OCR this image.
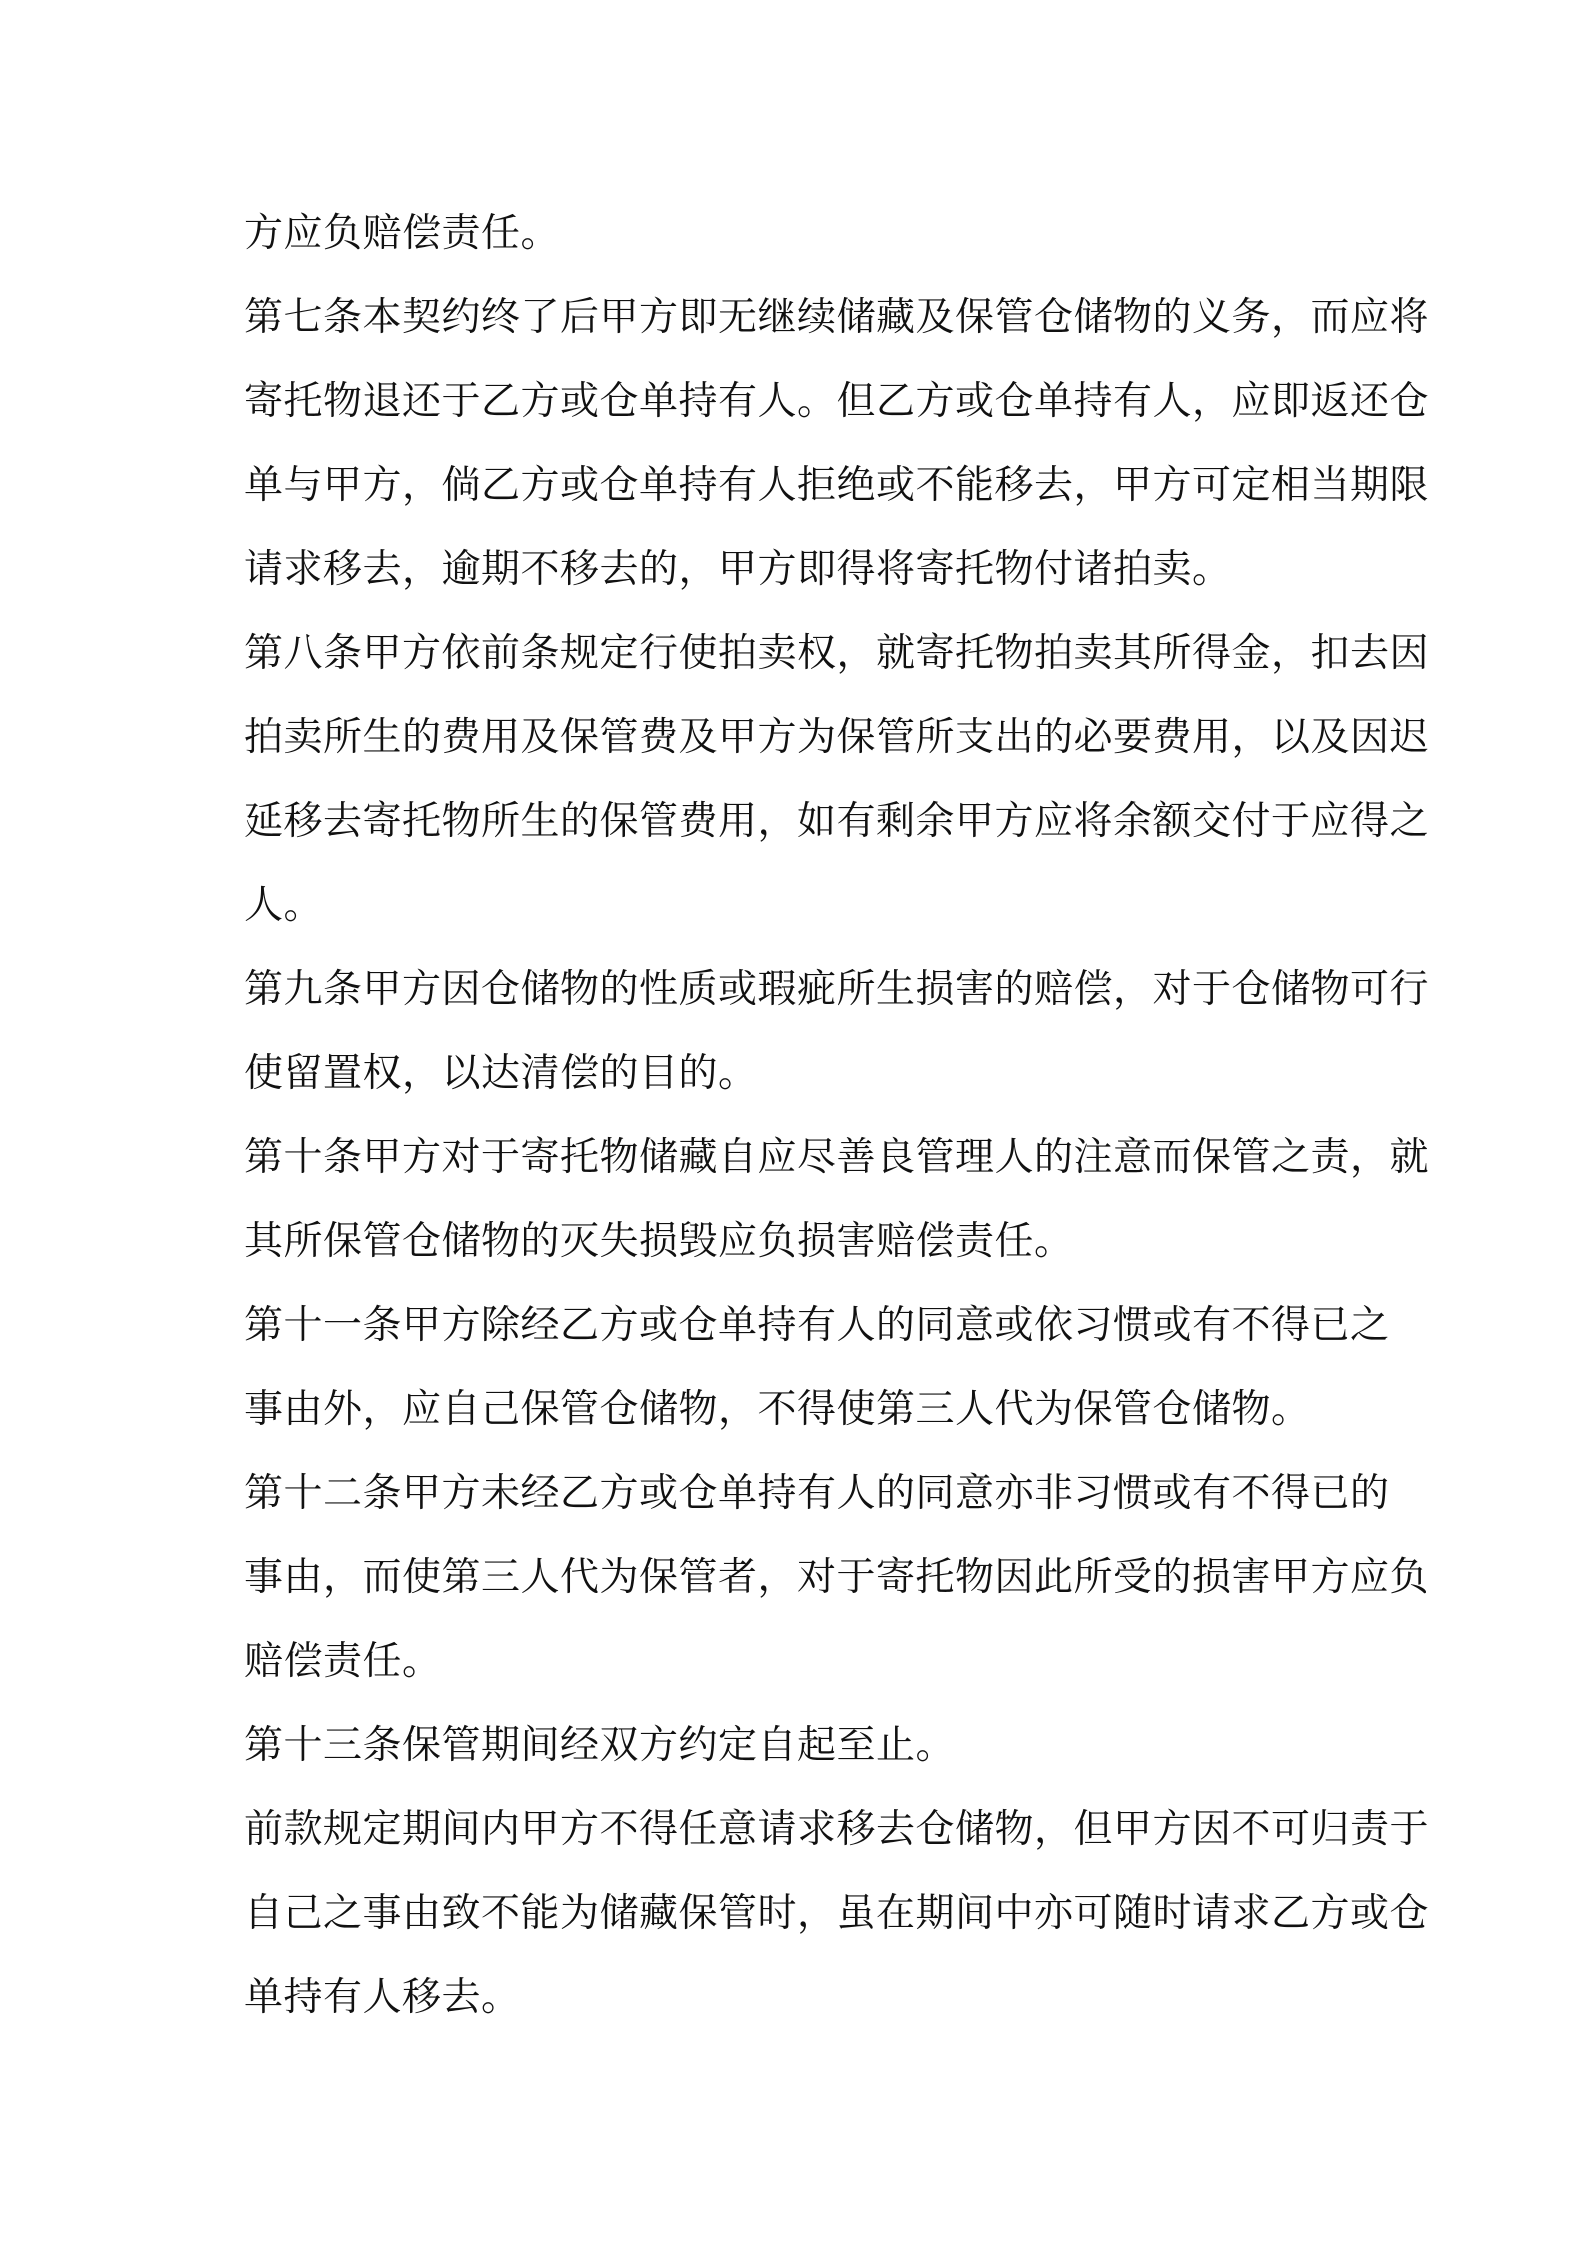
方应负赔偿责任。
第七条本契约终了后甲方即无继续储藏及保管仓储物的义务，而应将
寄托物退还于乙方或仓单持有人。但乙方或仓单持有人，应即返还仓
单与甲方，倘乙方或仓单持有人拒绝或不能移去，甲方可定相当期限
请求移去，逾期不移去的，甲方即得将寄托物付诸拍卖。
第八条甲方依前条规定行使拍卖权，就寄托物拍卖其所得金，扣去因
拍卖所生的费用及保管费及甲方为保管所支出的必要费用，以及因迟
延移去寄托物所生的保管费用，如有剩余甲方应将余额交付于应得之
人。
第九条甲方因仓储物的性质或瑕疵所生损害的赔偿，对于仓储物可行
使留置权，以达清偿的目的。
第十条甲方对于寄托物储藏自应尽善良管理人的注意而保管之责，就
其所保管仓储物的灭失损毁应负损害赔偿责任。
第十一条甲方除经乙方或仓单持有人的同意或依习惯或有不得已之
事由外，应自己保管仓储物，不得使第三人代为保管仓储物。
第十二条甲方未经乙方或仓单持有人的同意亦非习惯或有不得已的
事由，而使第三人代为保管者，对于寄托物因此所受的损害甲方应负
赔偿责任。
第十三条保管期间经双方约定自起至止。
前款规定期间内甲方不得任意请求移去仓储物，但甲方因不可归责于
自己之事由致不能为储藏保管时，虽在期间中亦可随时请求乙方或仓
单持有人移去。
